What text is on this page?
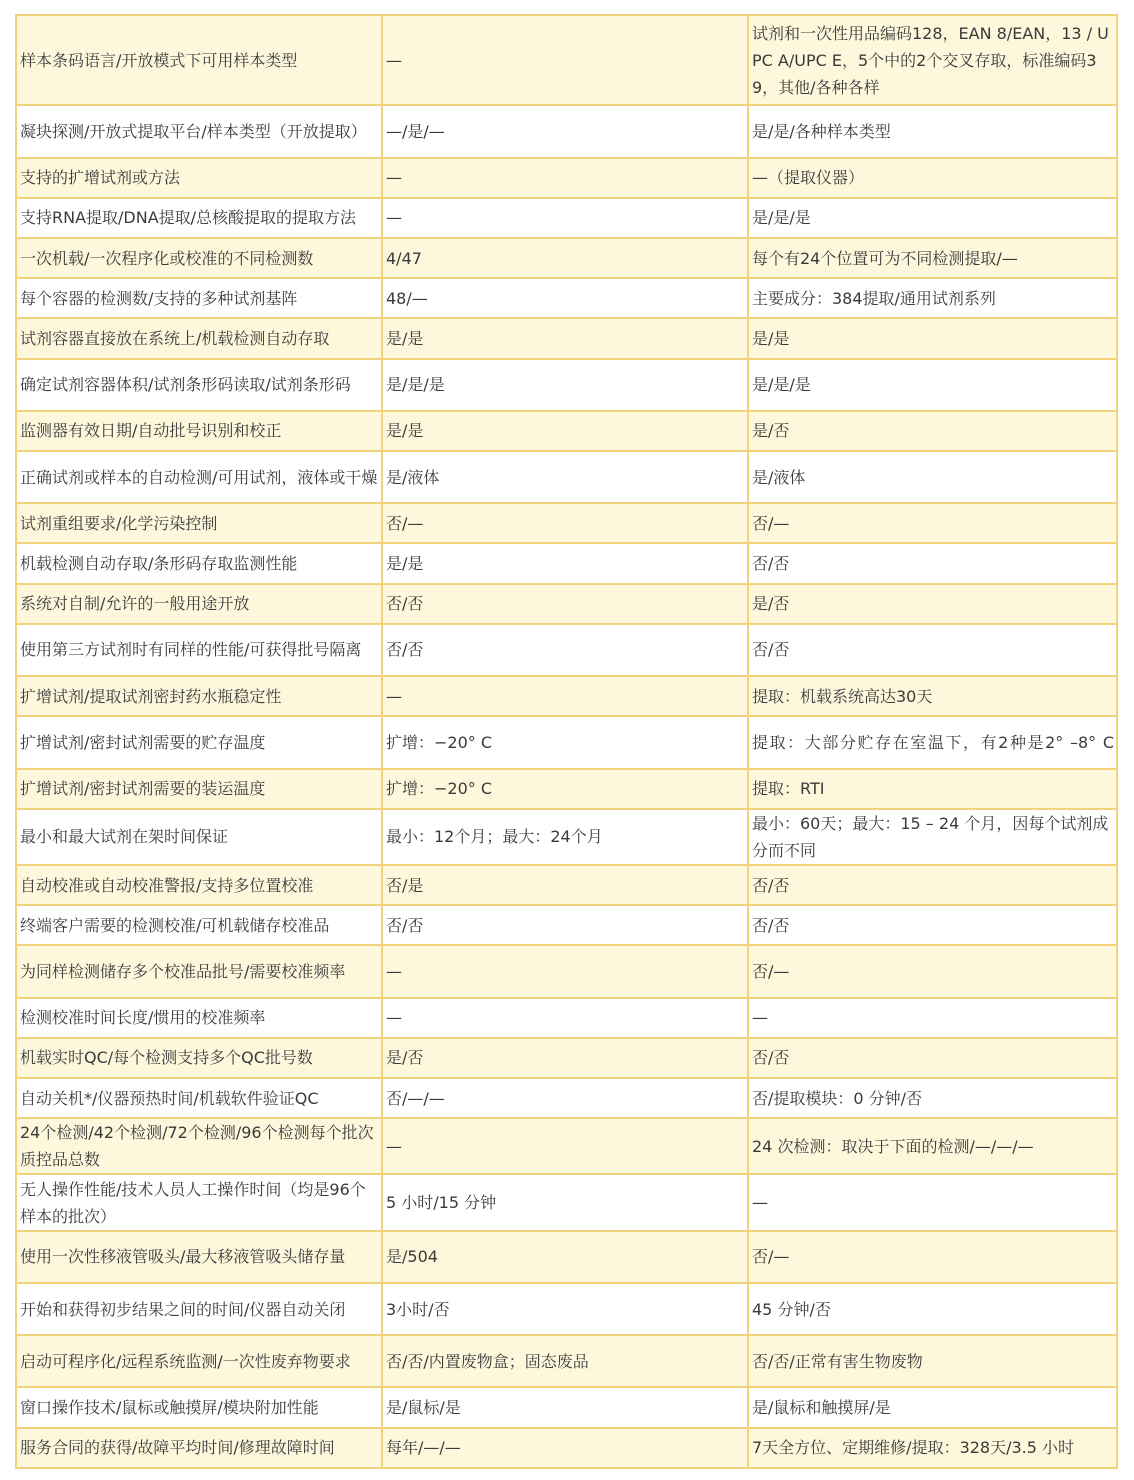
样本条码语言/开放模式下可用样本类型	—	试剂和一次性用品编码128，EAN 8/EAN，13 / UPC A/UPC E，5个中的2个交叉存取，标准编码39，其他/各种各样
凝块探测/开放式提取平台/样本类型（开放提取）	—/是/—	是/是/各种样本类型
支持的扩增试剂或方法	—	—（提取仪器）
支持RNA提取/DNA提取/总核酸提取的提取方法	—	是/是/是
一次机载/一次程序化或校准的不同检测数	4/47	每个有24个位置可为不同检测提取/—
每个容器的检测数/支持的多种试剂基阵	48/—	主要成分：384提取/通用试剂系列
试剂容器直接放在系统上/机载检测自动存取	是/是	是/是
确定试剂容器体积/试剂条形码读取/试剂条形码	是/是/是	是/是/是
监测器有效日期/自动批号识别和校正	是/是	是/否
正确试剂或样本的自动检测/可用试剂，液体或干燥	是/液体	是/液体
试剂重组要求/化学污染控制	否/—	否/—
机载检测自动存取/条形码存取监测性能	是/是	否/否
系统对自制/允许的一般用途开放	否/否	是/否
使用第三方试剂时有同样的性能/可获得批号隔离	否/否	否/否
扩增试剂/提取试剂密封药水瓶稳定性	—	提取：机载系统高达30天
扩增试剂/密封试剂需要的贮存温度	扩增：−20° C	提取：大部分贮存在室温下，有2种是2° –8° C
扩增试剂/密封试剂需要的装运温度	扩增：−20° C	提取：RTI
最小和最大试剂在架时间保证	最小：12个月；最大：24个月	最小：60天；最大：15 – 24 个月，因每个试剂成分而不同
自动校准或自动校准警报/支持多位置校准	否/是	否/否
终端客户需要的检测校准/可机载储存校准品	否/否	否/否
为同样检测储存多个校准品批号/需要校准频率	—	否/—
检测校准时间长度/惯用的校准频率	—	—
机载实时QC/每个检测支持多个QC批号数	是/否	否/否
自动关机*/仪器预热时间/机载软件验证QC	否/—/—	否/提取模块：0 分钟/否
24个检测/42个检测/72个检测/96个检测每个批次质控品总数	—	24 次检测：取决于下面的检测/—/—/—
无人操作性能/技术人员人工操作时间（均是96个样本的批次）	5 小时/15 分钟	—
使用一次性移液管吸头/最大移液管吸头储存量	是/504	否/—
开始和获得初步结果之间的时间/仪器自动关闭	3小时/否	45 分钟/否
启动可程序化/远程系统监测/一次性废弃物要求	否/否/内置废物盒；固态废品	否/否/正常有害生物废物
窗口操作技术/鼠标或触摸屏/模块附加性能	是/鼠标/是	是/鼠标和触摸屏/是
服务合同的获得/故障平均时间/修理故障时间	每年/—/—	7天全方位、定期维修/提取：328天/3.5 小时
